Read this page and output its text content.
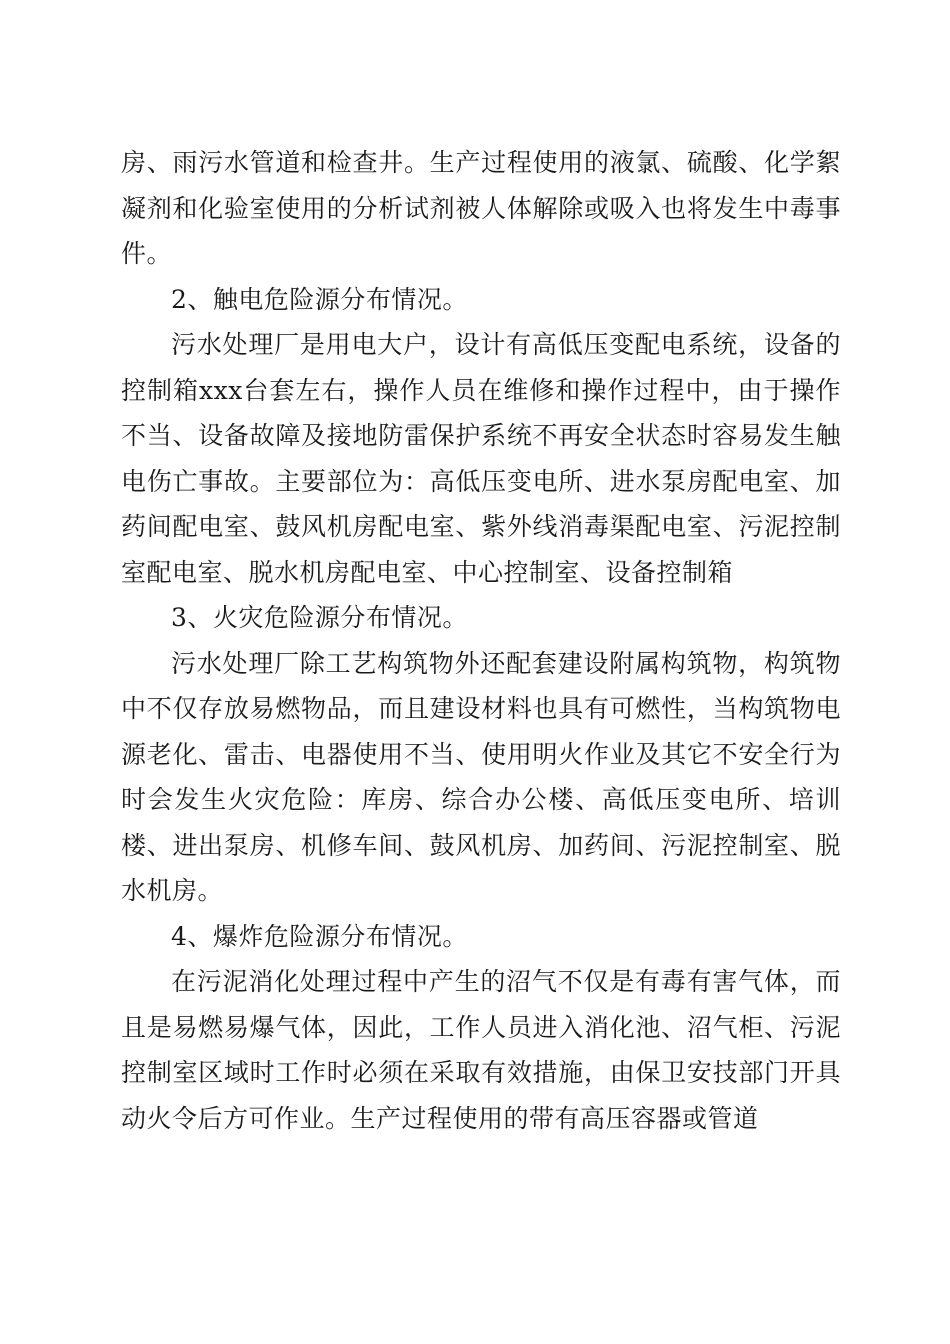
房、雨污水管道和检查井。生产过程使用的液氯、硫酸、化学絮凝剂和化验室使用的分析试剂被人体解除或吸入也将发生中毒事件。

2、触电危险源分布情况。

污水处理厂是用电大户，设计有高低压变配电系统，设备的控制箱xxx台套左右，操作人员在维修和操作过程中，由于操作不当、设备故障及接地防雷保护系统不再安全状态时容易发生触电伤亡事故。主要部位为：高低压变电所、进水泵房配电室、加药间配电室、鼓风机房配电室、紫外线消毒渠配电室、污泥控制室配电室、脱水机房配电室、中心控制室、设备控制箱

3、火灾危险源分布情况。

污水处理厂除工艺构筑物外还配套建设附属构筑物，构筑物中不仅存放易燃物品，而且建设材料也具有可燃性，当构筑物电源老化、雷击、电器使用不当、使用明火作业及其它不安全行为时会发生火灾危险：库房、综合办公楼、高低压变电所、培训楼、进出泵房、机修车间、鼓风机房、加药间、污泥控制室、脱水机房。

4、爆炸危险源分布情况。

在污泥消化处理过程中产生的沼气不仅是有毒有害气体，而且是易燃易爆气体，因此，工作人员进入消化池、沼气柜、污泥控制室区域时工作时必须在采取有效措施，由保卫安技部门开具动火令后方可作业。生产过程使用的带有高压容器或管道
